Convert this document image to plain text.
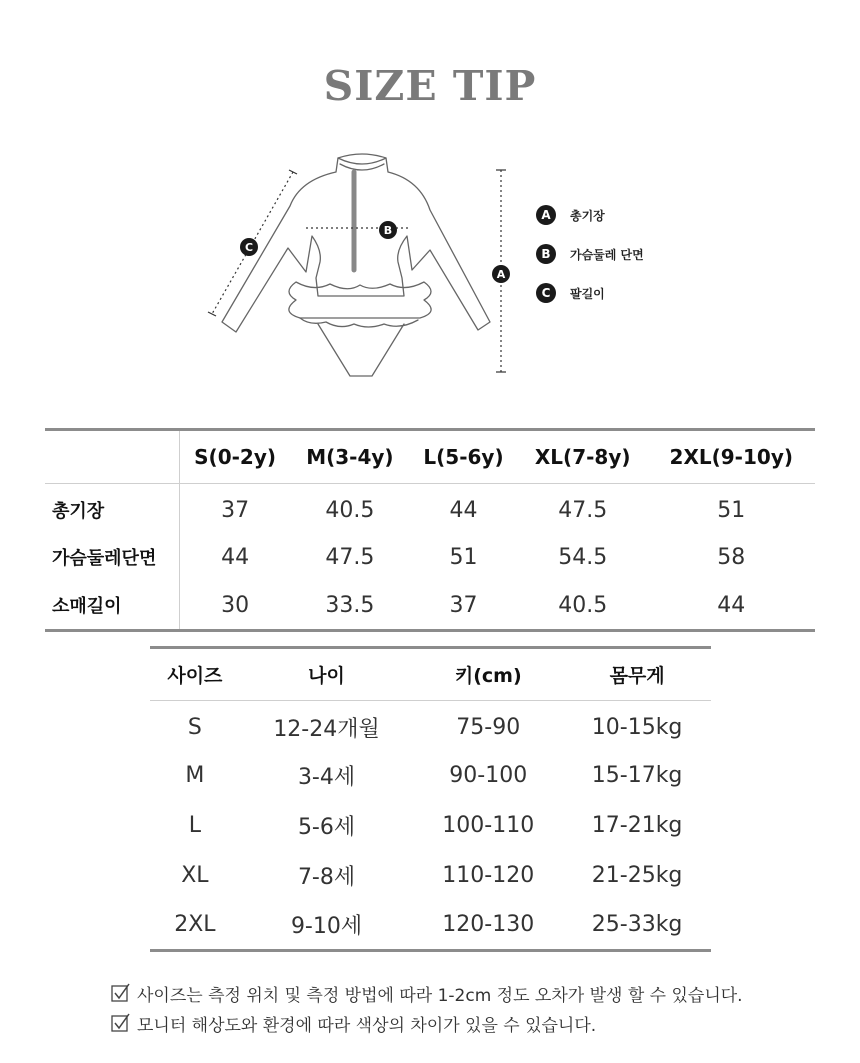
SIZE TIP
B
A
C
A	총기장
B	가슴둘레 단면
C	팔길이
	S(0-2y)	M(3-4y)	L(5-6y)	XL(7-8y)	2XL(9-10y)
총기장	37	40.5	44	47.5	51
가슴둘레단면	44	47.5	51	54.5	58
소매길이	30	33.5	37	40.5	44
사이즈	나이	키(cm)	몸무게
S	12-24개월	75-90	10-15kg
M	3-4세	90-100	15-17kg
L	5-6세	100-110	17-21kg
XL	7-8세	110-120	21-25kg
2XL	9-10세	120-130	25-33kg
사이즈는 측정 위치 및 측정 방법에 따라 1-2cm 정도 오차가 발생 할 수 있습니다.
모니터 해상도와 환경에 따라 색상의 차이가 있을 수 있습니다.
